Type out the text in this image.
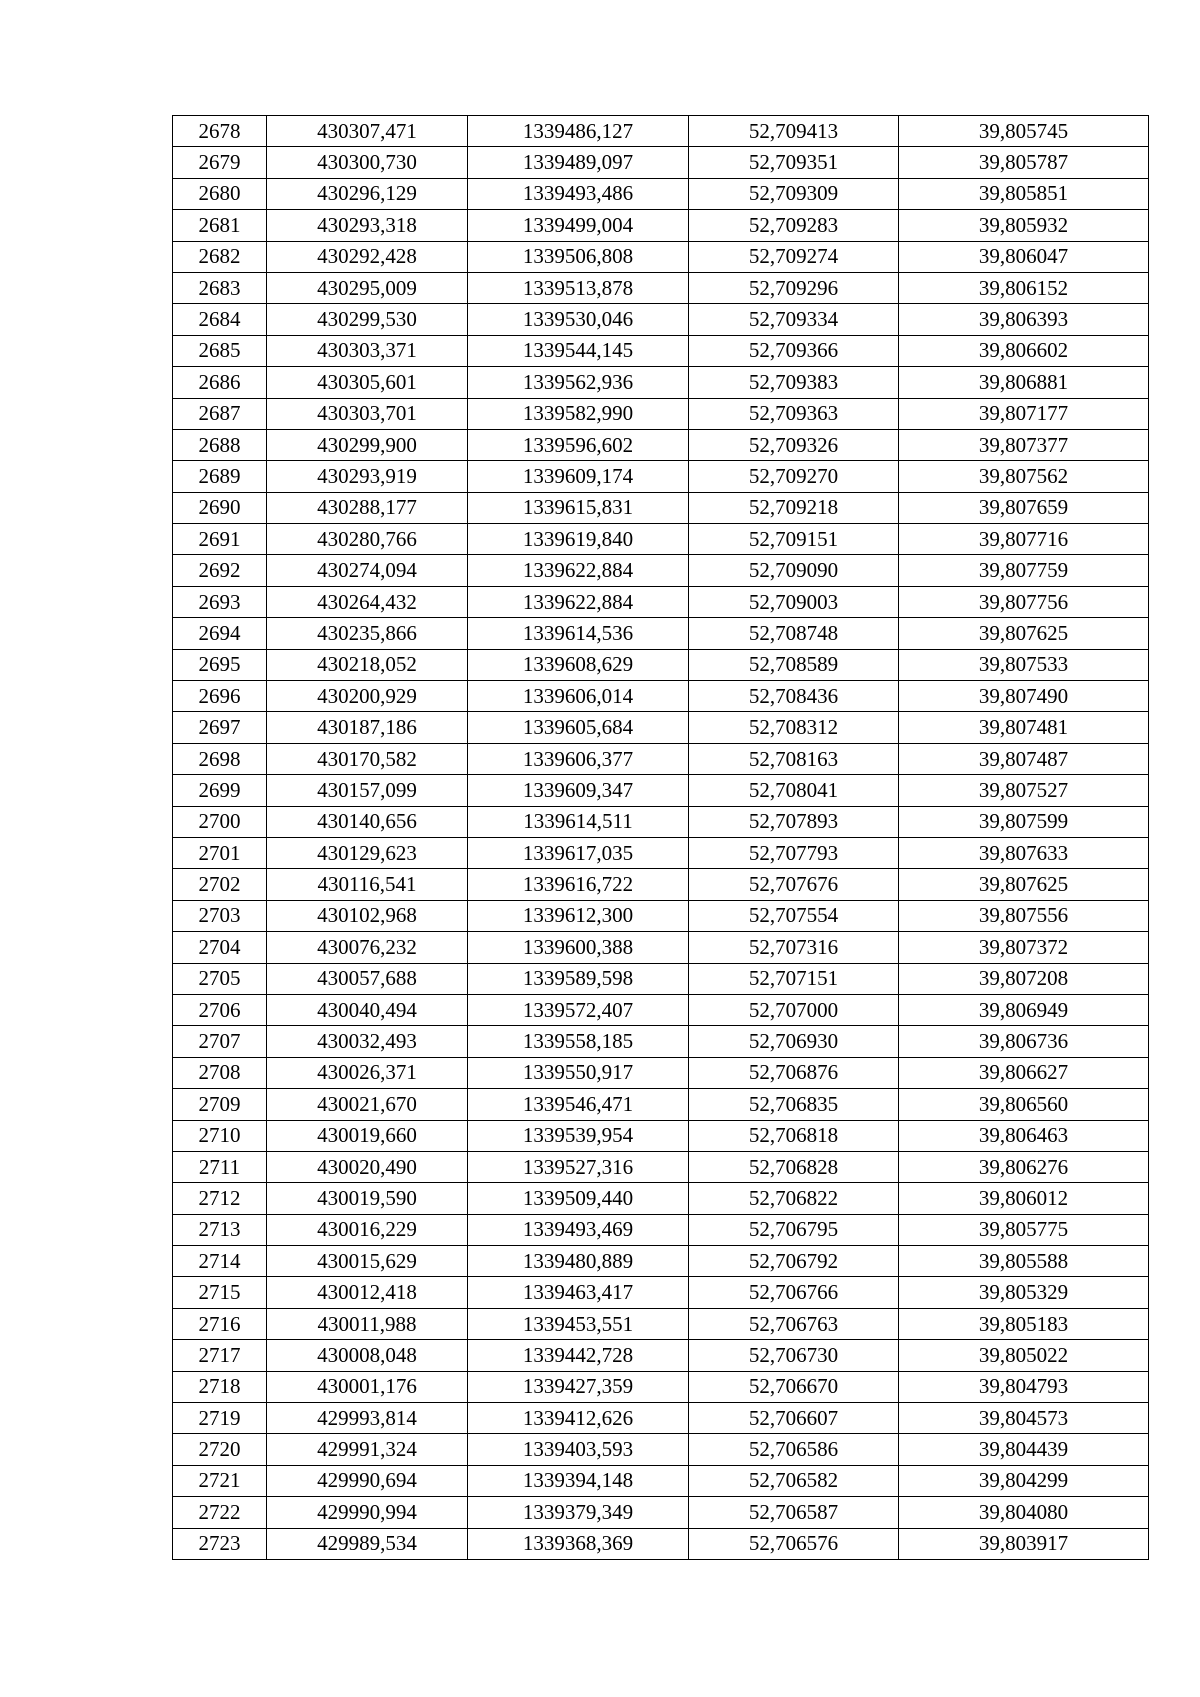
2678	430307,471	1339486,127	52,709413	39,805745
2679	430300,730	1339489,097	52,709351	39,805787
2680	430296,129	1339493,486	52,709309	39,805851
2681	430293,318	1339499,004	52,709283	39,805932
2682	430292,428	1339506,808	52,709274	39,806047
2683	430295,009	1339513,878	52,709296	39,806152
2684	430299,530	1339530,046	52,709334	39,806393
2685	430303,371	1339544,145	52,709366	39,806602
2686	430305,601	1339562,936	52,709383	39,806881
2687	430303,701	1339582,990	52,709363	39,807177
2688	430299,900	1339596,602	52,709326	39,807377
2689	430293,919	1339609,174	52,709270	39,807562
2690	430288,177	1339615,831	52,709218	39,807659
2691	430280,766	1339619,840	52,709151	39,807716
2692	430274,094	1339622,884	52,709090	39,807759
2693	430264,432	1339622,884	52,709003	39,807756
2694	430235,866	1339614,536	52,708748	39,807625
2695	430218,052	1339608,629	52,708589	39,807533
2696	430200,929	1339606,014	52,708436	39,807490
2697	430187,186	1339605,684	52,708312	39,807481
2698	430170,582	1339606,377	52,708163	39,807487
2699	430157,099	1339609,347	52,708041	39,807527
2700	430140,656	1339614,511	52,707893	39,807599
2701	430129,623	1339617,035	52,707793	39,807633
2702	430116,541	1339616,722	52,707676	39,807625
2703	430102,968	1339612,300	52,707554	39,807556
2704	430076,232	1339600,388	52,707316	39,807372
2705	430057,688	1339589,598	52,707151	39,807208
2706	430040,494	1339572,407	52,707000	39,806949
2707	430032,493	1339558,185	52,706930	39,806736
2708	430026,371	1339550,917	52,706876	39,806627
2709	430021,670	1339546,471	52,706835	39,806560
2710	430019,660	1339539,954	52,706818	39,806463
2711	430020,490	1339527,316	52,706828	39,806276
2712	430019,590	1339509,440	52,706822	39,806012
2713	430016,229	1339493,469	52,706795	39,805775
2714	430015,629	1339480,889	52,706792	39,805588
2715	430012,418	1339463,417	52,706766	39,805329
2716	430011,988	1339453,551	52,706763	39,805183
2717	430008,048	1339442,728	52,706730	39,805022
2718	430001,176	1339427,359	52,706670	39,804793
2719	429993,814	1339412,626	52,706607	39,804573
2720	429991,324	1339403,593	52,706586	39,804439
2721	429990,694	1339394,148	52,706582	39,804299
2722	429990,994	1339379,349	52,706587	39,804080
2723	429989,534	1339368,369	52,706576	39,803917
